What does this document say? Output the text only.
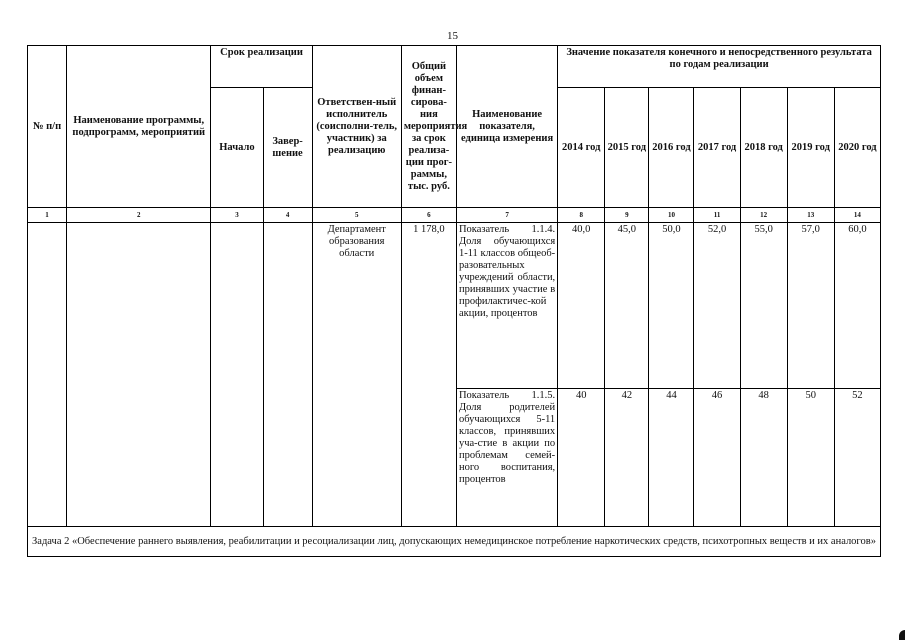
15
№ п/п	Наименование программы, подпрограмм, мероприятий	Срок реализации		Ответствен-ный исполнитель (соисполни-тель, участник) за реализацию	Общий объем финан-сирова-ния мероприятия за срок реализа-ции прог-раммы, тыс. руб.	Наименование показателя, единица измерения	Значение показателя конечного и непосредственного результата по годам реализации						
		Начало	Завер-шение				2014 год	2015 год	2016 год	2017 год	2018 год	2019 год	2020 год
1	2	3	4	5	6	7	8	9	10	11	12	13	14
				Департамент образования области	1 178,0	Показатель 1.1.4. Доля обучающихся 1-11 классов общеоб-разовательных учреждений области, принявших участие в профилактичес-кой акции, процентов	40,0	45,0	50,0	52,0	55,0	57,0	60,0
						Показатель 1.1.5. Доля родителей обучающихся 5-11 классов, принявших уча-стие в акции по проблемам семей-ного воспитания, процентов	40	42	44	46	48	50	52
Задача 2 «Обеспечение раннего выявления, реабилитации и ресоциализации лиц, допускающих немедицинское потребление наркотических средств, психотропных веществ и их аналогов»													
